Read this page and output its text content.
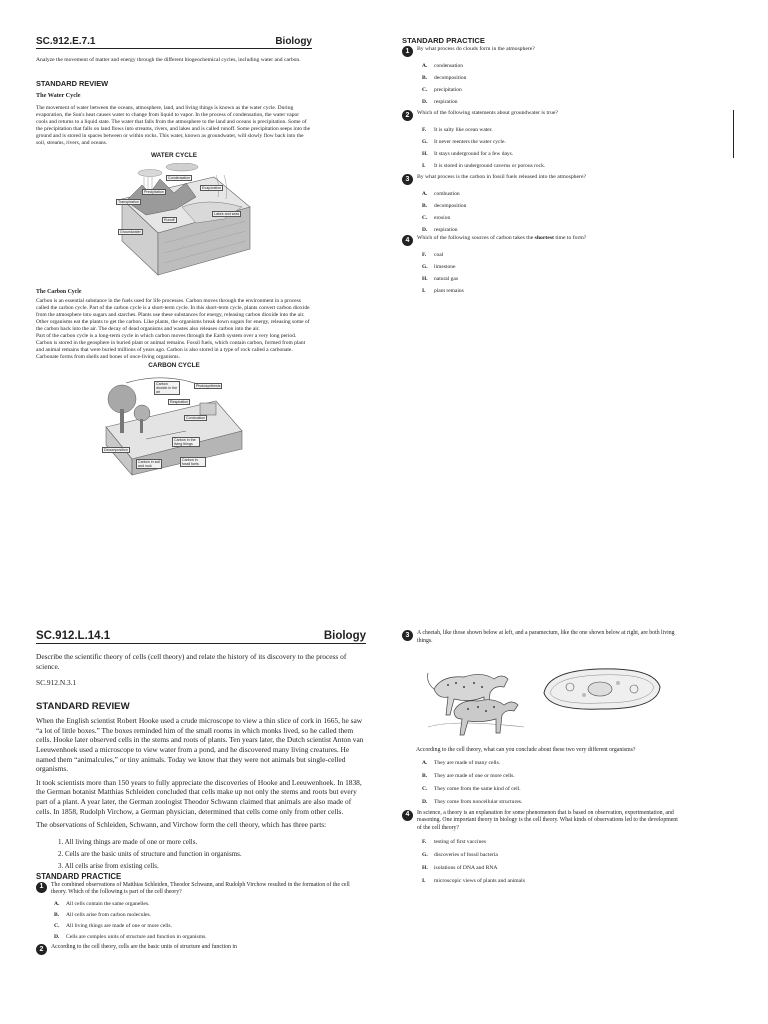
SC.912.E.7.1	Biology

Analyze the movement of matter and energy through the different biogeochemical cycles, including water and carbon.

STANDARD REVIEW
The Water Cycle

The movement of water between the oceans, atmosphere, land, and living things is known as the water cycle. During evaporation, the Sun's heat causes water to change from liquid to vapor. In the process of condensation, the water vapor cools and returns to a liquid state. The water that falls from the atmosphere to the land and oceans is precipitation. Some of the precipitation that falls on land flows into streams, rivers, and lakes and is called runoff. Some precipitation seeps into the ground and is stored in spaces between or within rocks. This water, known as groundwater, will slowly flow back into the soil, streams, rivers, and oceans.

WATER CYCLE
Condensation
Precipitation
Transpiration
Evaporation
Runoff
Lakes and seas
Groundwater
The Carbon Cycle

Carbon is an essential substance in the fuels used for life processes. Carbon moves through the environment in a process called the carbon cycle. Part of the carbon cycle is a short-term cycle. In this short-term cycle, plants convert carbon dioxide from the atmosphere into sugars and starches. Plants use these substances for energy, releasing carbon dioxide into the air. Other organisms eat the plants to get the carbon. Like plants, the organisms break down sugars for energy, releasing some of the carbon back into the air. The decay of dead organisms and wastes also releases carbon into the air.

Part of the carbon cycle is a long-term cycle in which carbon moves through the Earth system over a very long period. Carbon is stored in the geosphere in buried plant or animal remains. Fossil fuels, which contain carbon, formed from plant and animal remains that were buried millions of years ago. Carbon is also stored in a type of rock called a carbonate. Carbonate forms from shells and bones of once-living organisms.

CARBON CYCLE
Carbon dioxide in the air
Photosynthesis
Respiration
Combustion
Decomposition
Carbon in soil and rock
Carbon in the living things
Carbon in fossil fuels
STANDARD PRACTICE
1	By what process do clouds form in the atmosphere?
A.	condensation
B.	decomposition
C.	precipitation
D.	respiration
2	Which of the following statements about groundwater is true?
F.	It is salty like ocean water.
G.	It never reenters the water cycle.
H.	It stays underground for a few days.
I.	It is stored in underground caverns or porous rock.
3	By what process is the carbon in fossil fuels released into the atmosphere?
A.	combustion
B.	decomposition
C.	erosion
D.	respiration
4	Which of the following sources of carbon takes the shortest time to form?
F.	coal
G.	limestone
H.	natural gas
I.	plant remains
SC.912.L.14.1	Biology

Describe the scientific theory of cells (cell theory) and relate the history of its discovery to the process of science.

SC.912.N.3.1

STANDARD REVIEW

When the English scientist Robert Hooke used a crude microscope to view a thin slice of cork in 1665, he saw “a lot of little boxes.” The boxes reminded him of the small rooms in which monks lived, so he called them cells. Hooke later observed cells in the stems and roots of plants. Ten years later, the Dutch scientist Anton van Leeuwenhoek used a microscope to view water from a pond, and he discovered many living creatures. He named them “animalcules,” or tiny animals. Today we know that they were not animals but single-celled organisms.

It took scientists more than 150 years to fully appreciate the discoveries of Hooke and Leeuwenhoek. In 1838, the German botanist Matthias Schleiden concluded that cells make up not only the stems and roots but every part of a plant. A year later, the German zoologist Theodor Schwann claimed that animals are also made of cells. In 1858, Rudolph Virchow, a German physician, determined that cells come only from other cells.

The observations of Schleiden, Schwann, and Virchow form the cell theory, which has three parts:

1. All living things are made of one or more cells.
2. Cells are the basic units of structure and function in organisms.
3. All cells arise from existing cells.
STANDARD PRACTICE
1	The combined observations of Matthias Schleiden, Theodor Schwann, and Rudolph Virchow resulted in the formation of the cell theory. Which of the following is part of the cell theory?
A.	All cells contain the same organelles.
B.	All cells arise from carbon molecules.
C.	All living things are made of one or more cells.
D.	Cells are complex units of structure and function in organisms.
2	According to the cell theory, cells are the basic units of structure and function in
3	A cheetah, like those shown below at left, and a paramecium, like the one shown below at right, are both living things.

According to the cell theory, what can you conclude about these two very different organisms?

A.	They are made of many cells.
B.	They are made of one or more cells.
C.	They come from the same kind of cell.
D.	They come from noncellular structures.
4	In science, a theory is an explanation for some phenomenon that is based on observation, experimentation, and reasoning. One important theory in biology is the cell theory. What kinds of observations led to the development of the cell theory?
F.	testing of first vaccines
G.	discoveries of fossil bacteria
H.	isolations of DNA and RNA
I.	microscopic views of plants and animals
